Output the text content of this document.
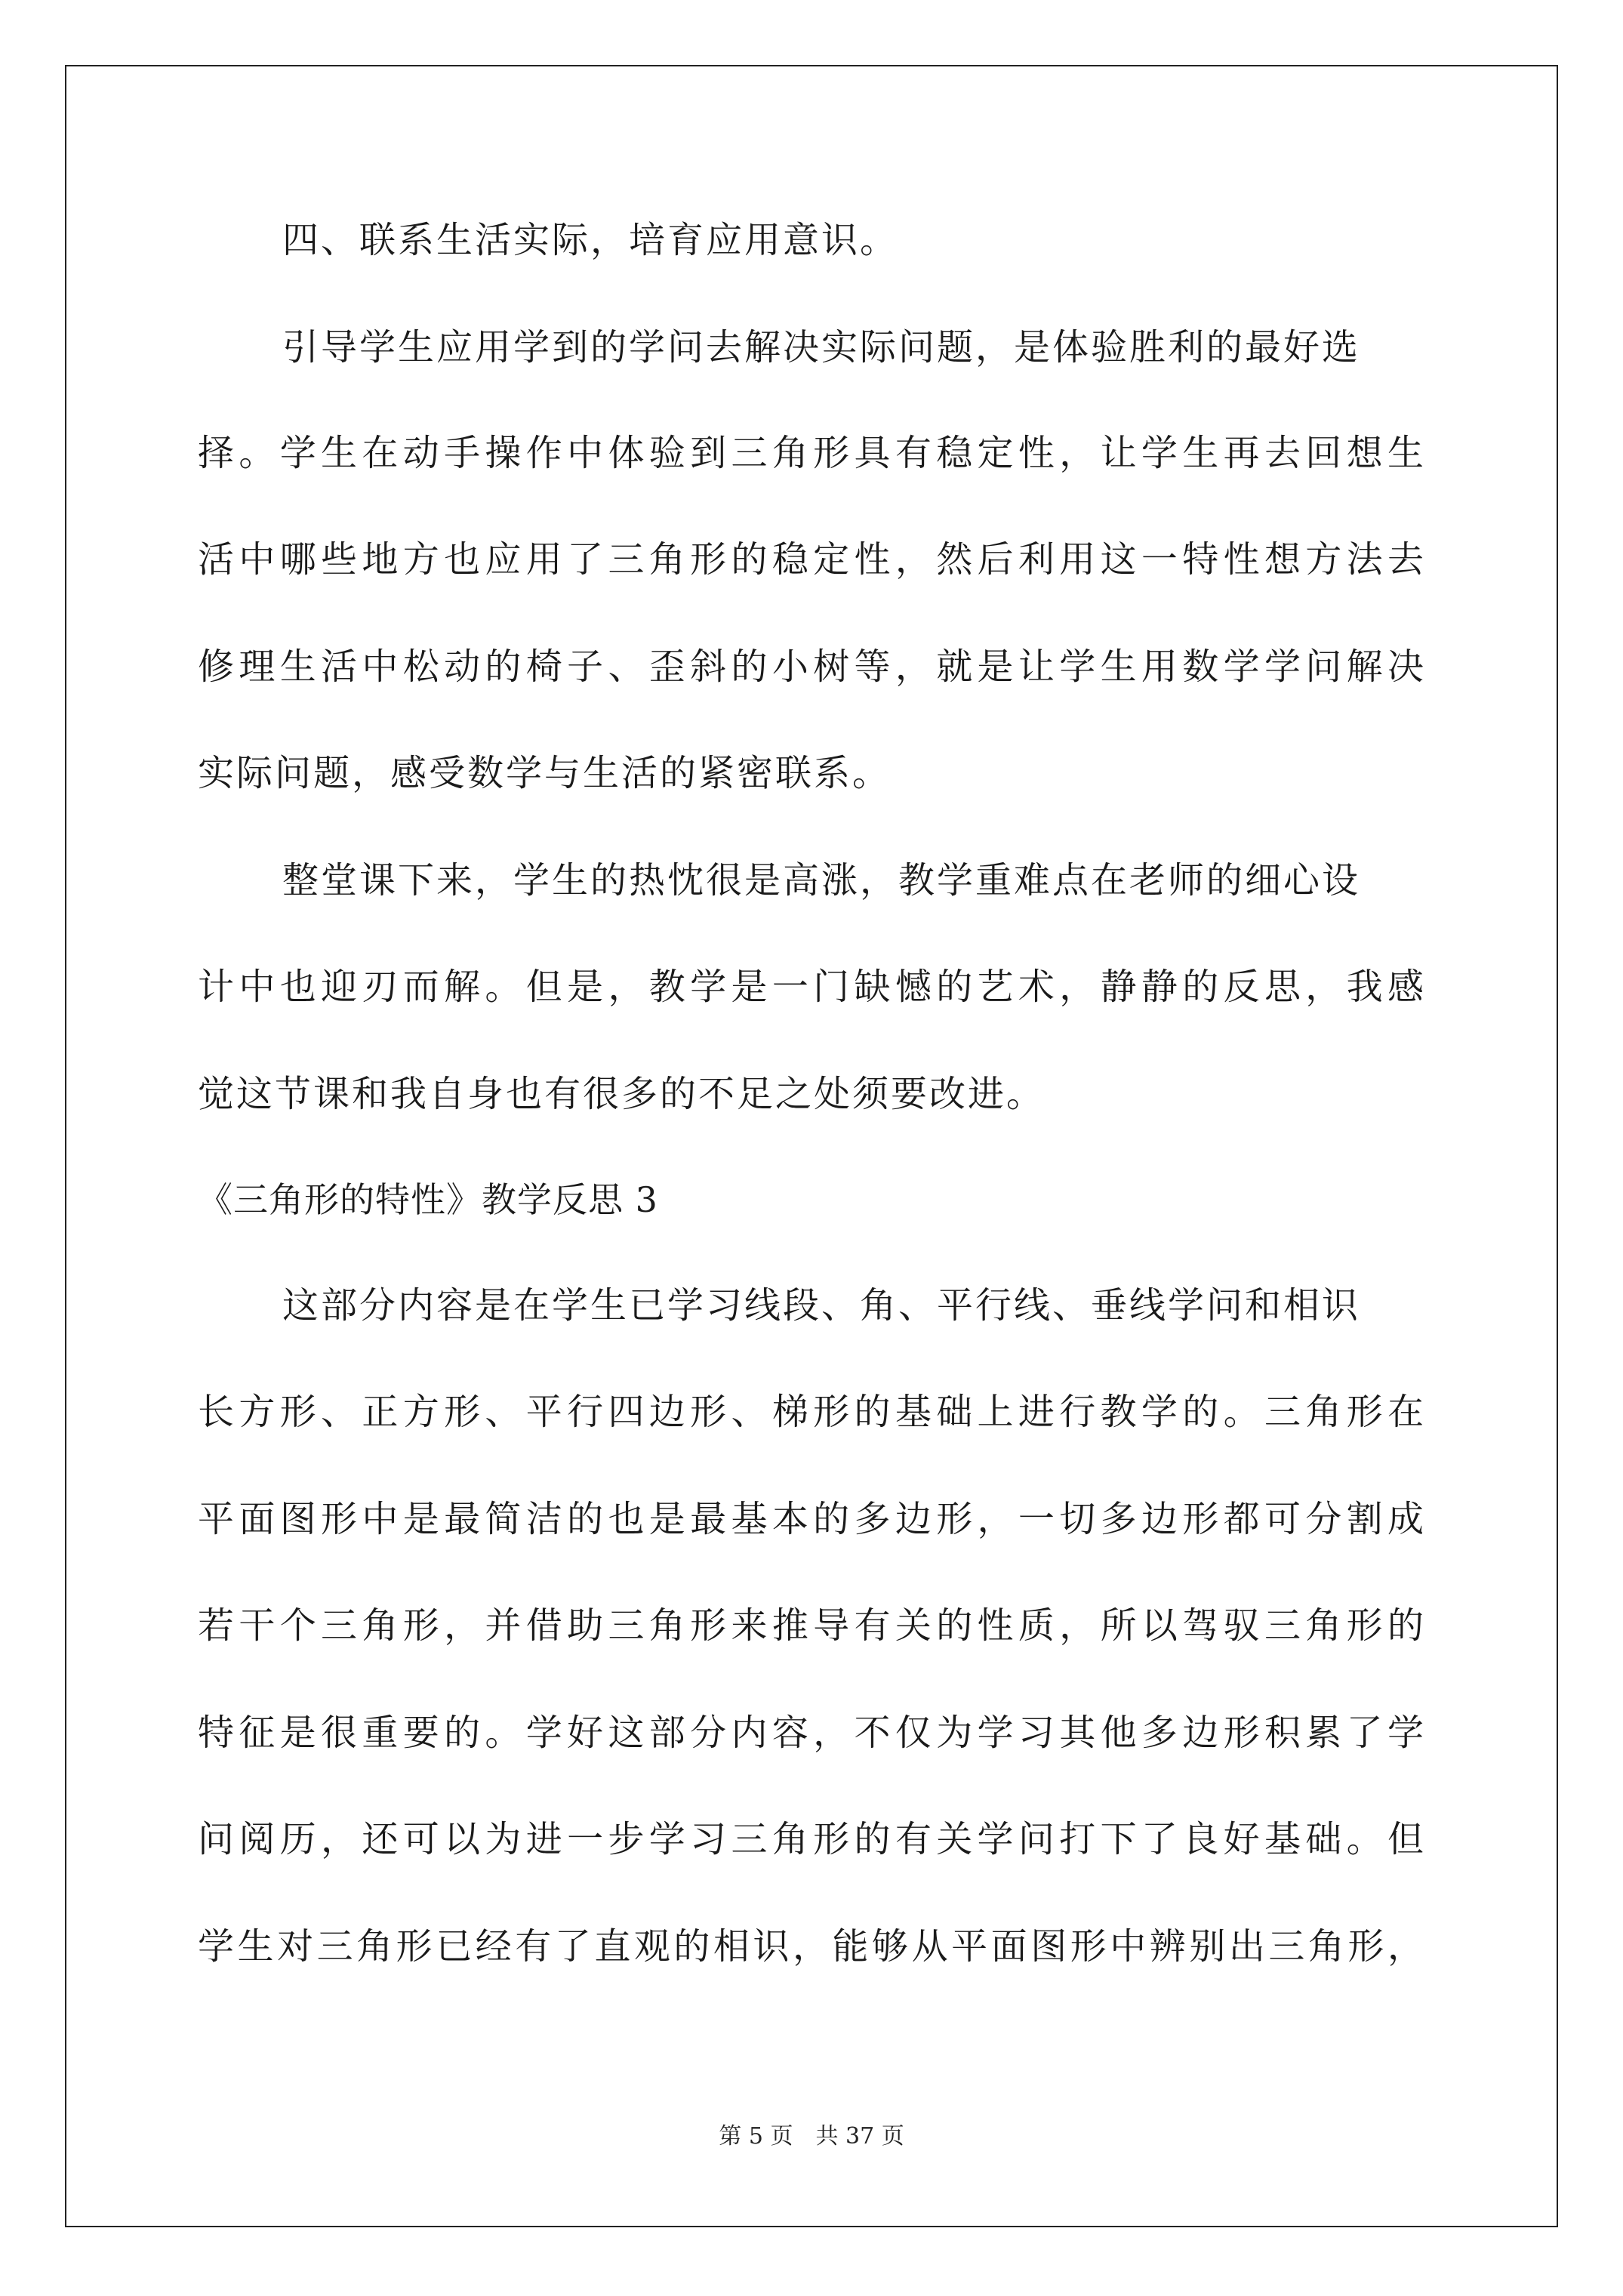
四、联系生活实际，培育应用意识。
引导学生应用学到的学问去解决实际问题，是体验胜利的最好选
择。学生在动手操作中体验到三角形具有稳定性，让学生再去回想生
活中哪些地方也应用了三角形的稳定性，然后利用这一特性想方法去
修理生活中松动的椅子、歪斜的小树等，就是让学生用数学学问解决
实际问题，感受数学与生活的紧密联系。
整堂课下来，学生的热忱很是高涨，教学重难点在老师的细心设
计中也迎刃而解。但是，教学是一门缺憾的艺术，静静的反思，我感
觉这节课和我自身也有很多的不足之处须要改进。
《三角形的特性》教学反思 3
这部分内容是在学生已学习线段、角、平行线、垂线学问和相识
长方形、正方形、平行四边形、梯形的基础上进行教学的。三角形在
平面图形中是最简洁的也是最基本的多边形，一切多边形都可分割成
若干个三角形，并借助三角形来推导有关的性质，所以驾驭三角形的
特征是很重要的。学好这部分内容，不仅为学习其他多边形积累了学
问阅历，还可以为进一步学习三角形的有关学问打下了良好基础。但
学生对三角形已经有了直观的相识，能够从平面图形中辨别出三角形，
第 5 页　共 37 页
